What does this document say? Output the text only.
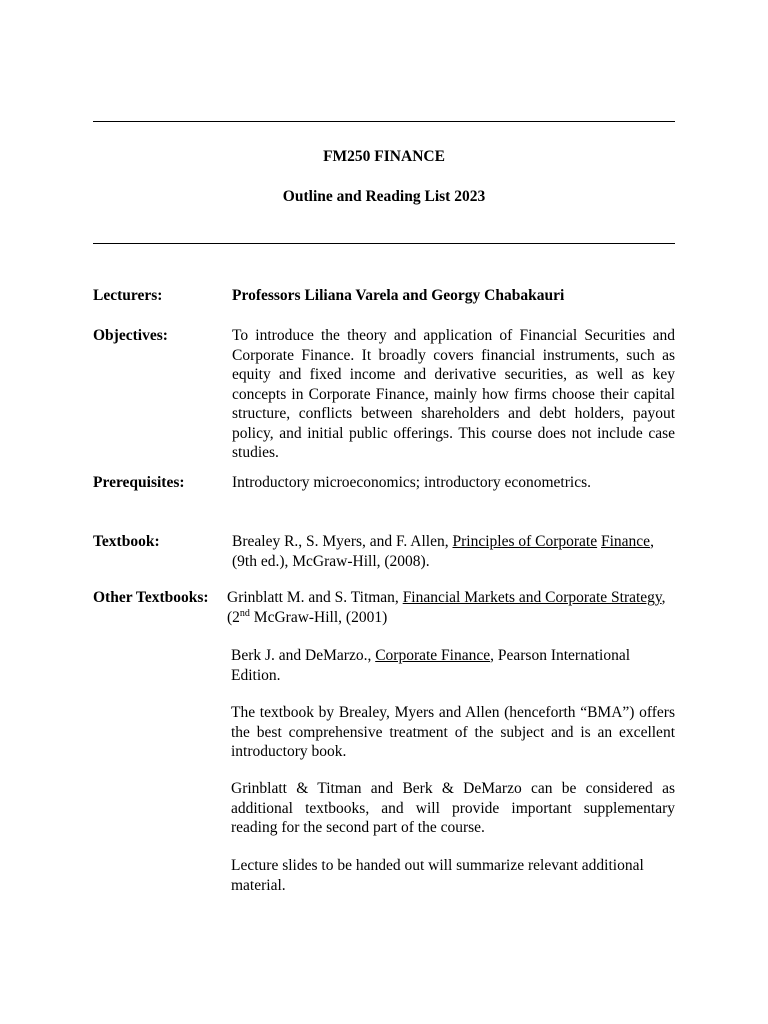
FM250 FINANCE
Outline and Reading List 2023
Lecturers:	Professors Liliana Varela and Georgy Chabakauri
Objectives:	To introduce the theory and application of Financial Securities and Corporate Finance. It broadly covers financial instruments, such as equity and fixed income and derivative securities, as well as key concepts in Corporate Finance, mainly how firms choose their capital structure, conflicts between shareholders and debt holders, payout policy, and initial public offerings. This course does not include case studies.
Prerequisites:	Introductory microeconomics; introductory econometrics.
Textbook:	Brealey R., S. Myers, and F. Allen, Principles of Corporate Finance, (9th ed.), McGraw-Hill, (2008).
Other Textbooks: Grinblatt M. and S. Titman, Financial Markets and Corporate Strategy, (2nd McGraw-Hill, (2001)
Berk J. and DeMarzo., Corporate Finance, Pearson International Edition.
The textbook by Brealey, Myers and Allen (henceforth “BMA”) offers the best comprehensive treatment of the subject and is an excellent introductory book.
Grinblatt & Titman and Berk & DeMarzo can be considered as additional textbooks, and will provide important supplementary reading for the second part of the course.
Lecture slides to be handed out will summarize relevant additional material.
